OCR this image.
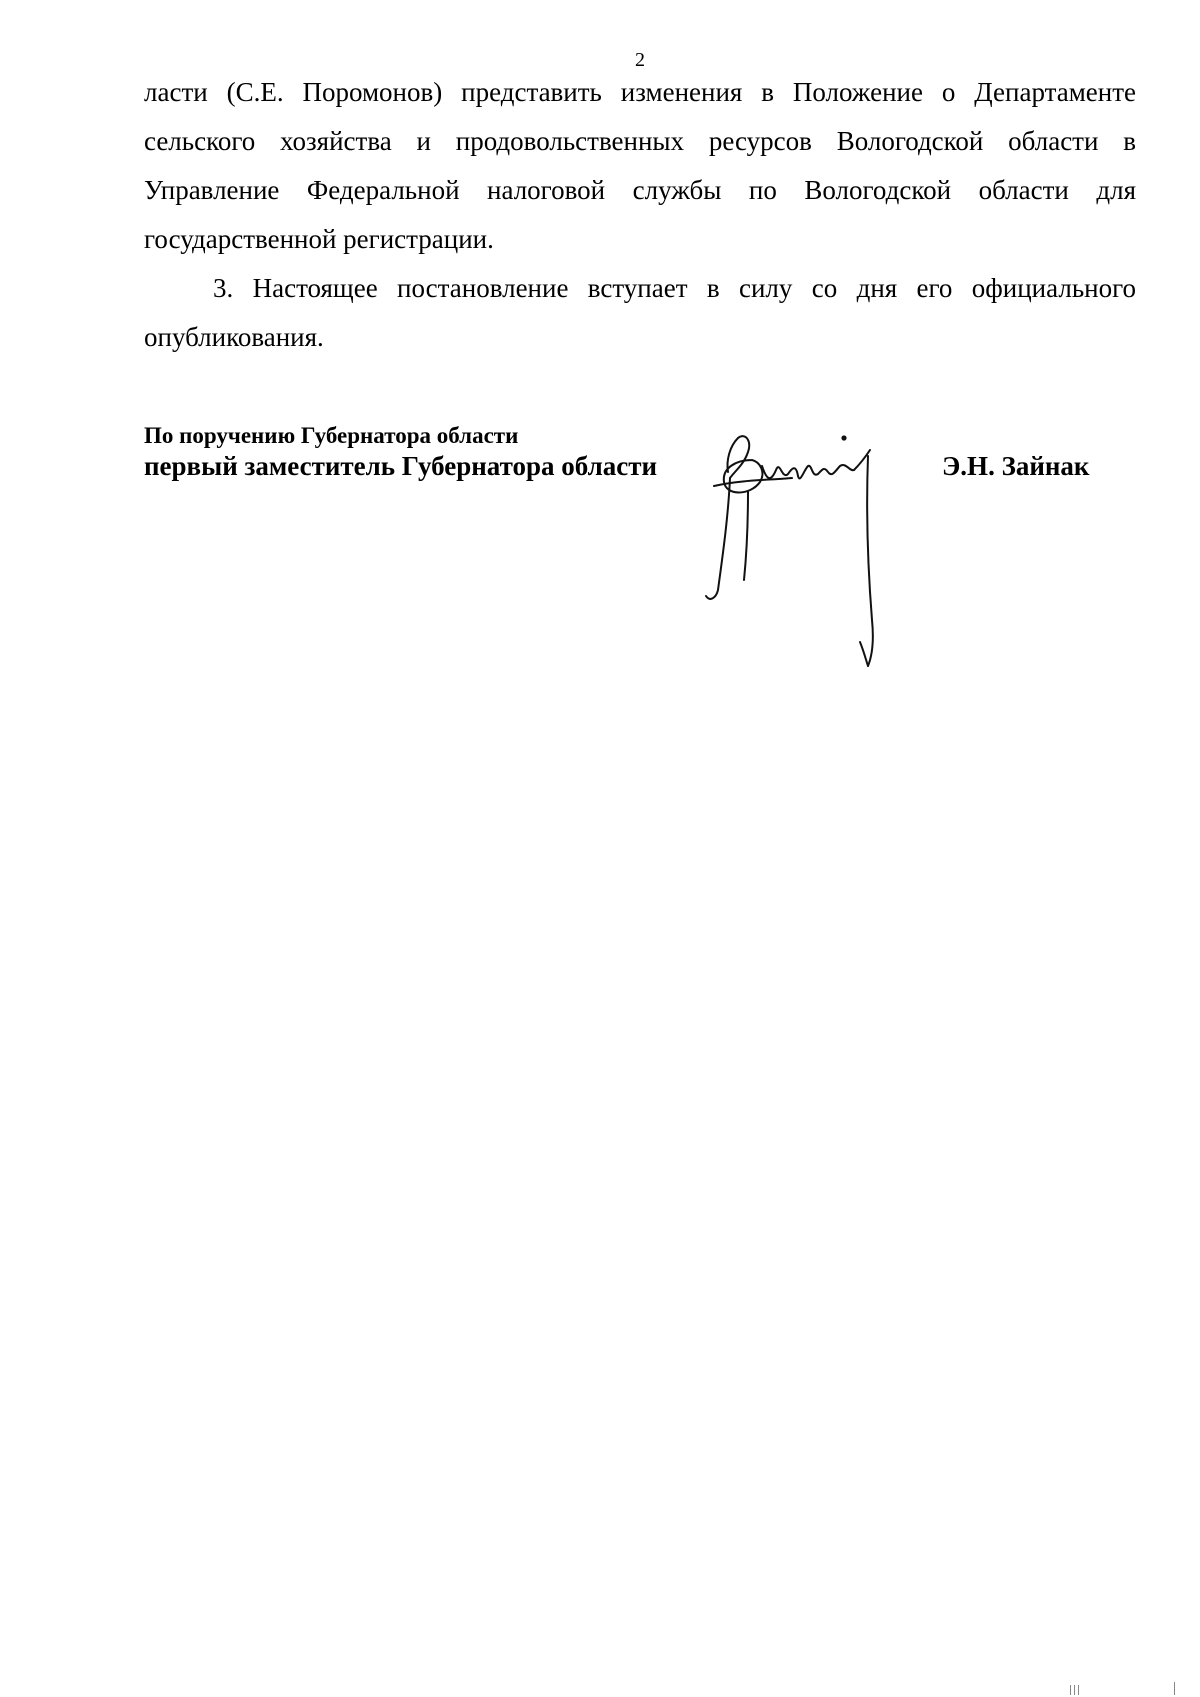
2

ласти (С.Е. Поромонов) представить изменения в Положение о Департаменте сельского хозяйства и продовольственных ресурсов Вологодской области в Управление Федеральной налоговой службы по Вологодской области для государственной регистрации.

3. Настоящее постановление вступает в силу со дня его официального опубликования.

По поручению Губернатора области
первый заместитель Губернатора области	Э.Н. Зайнак
